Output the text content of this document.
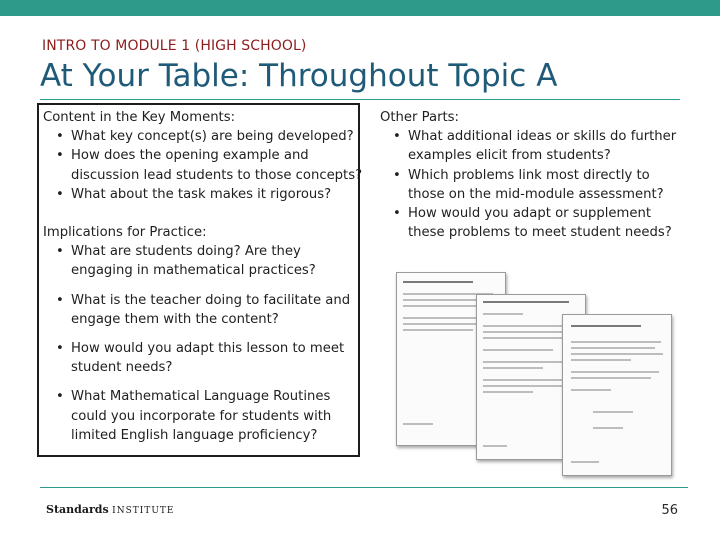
INTRO TO MODULE 1 (HIGH SCHOOL)
At Your Table: Throughout Topic A

Content in the Key Moments:

• What key concept(s) are being developed?
• How does the opening example and discussion lead students to those concepts?
• What about the task makes it rigorous?

Implications for Practice:

• What are students doing? Are they engaging in mathematical practices?
• What is the teacher doing to facilitate and engage them with the content?
• How would you adapt this lesson to meet student needs?
• What Mathematical Language Routines could you incorporate for students with limited English language proficiency?

Other Parts:

• What additional ideas or skills do further examples elicit from students?
• Which problems link most directly to those on the mid-module assessment?
• How would you adapt or supplement these problems to meet student needs?
Standards INSTITUTE	56
